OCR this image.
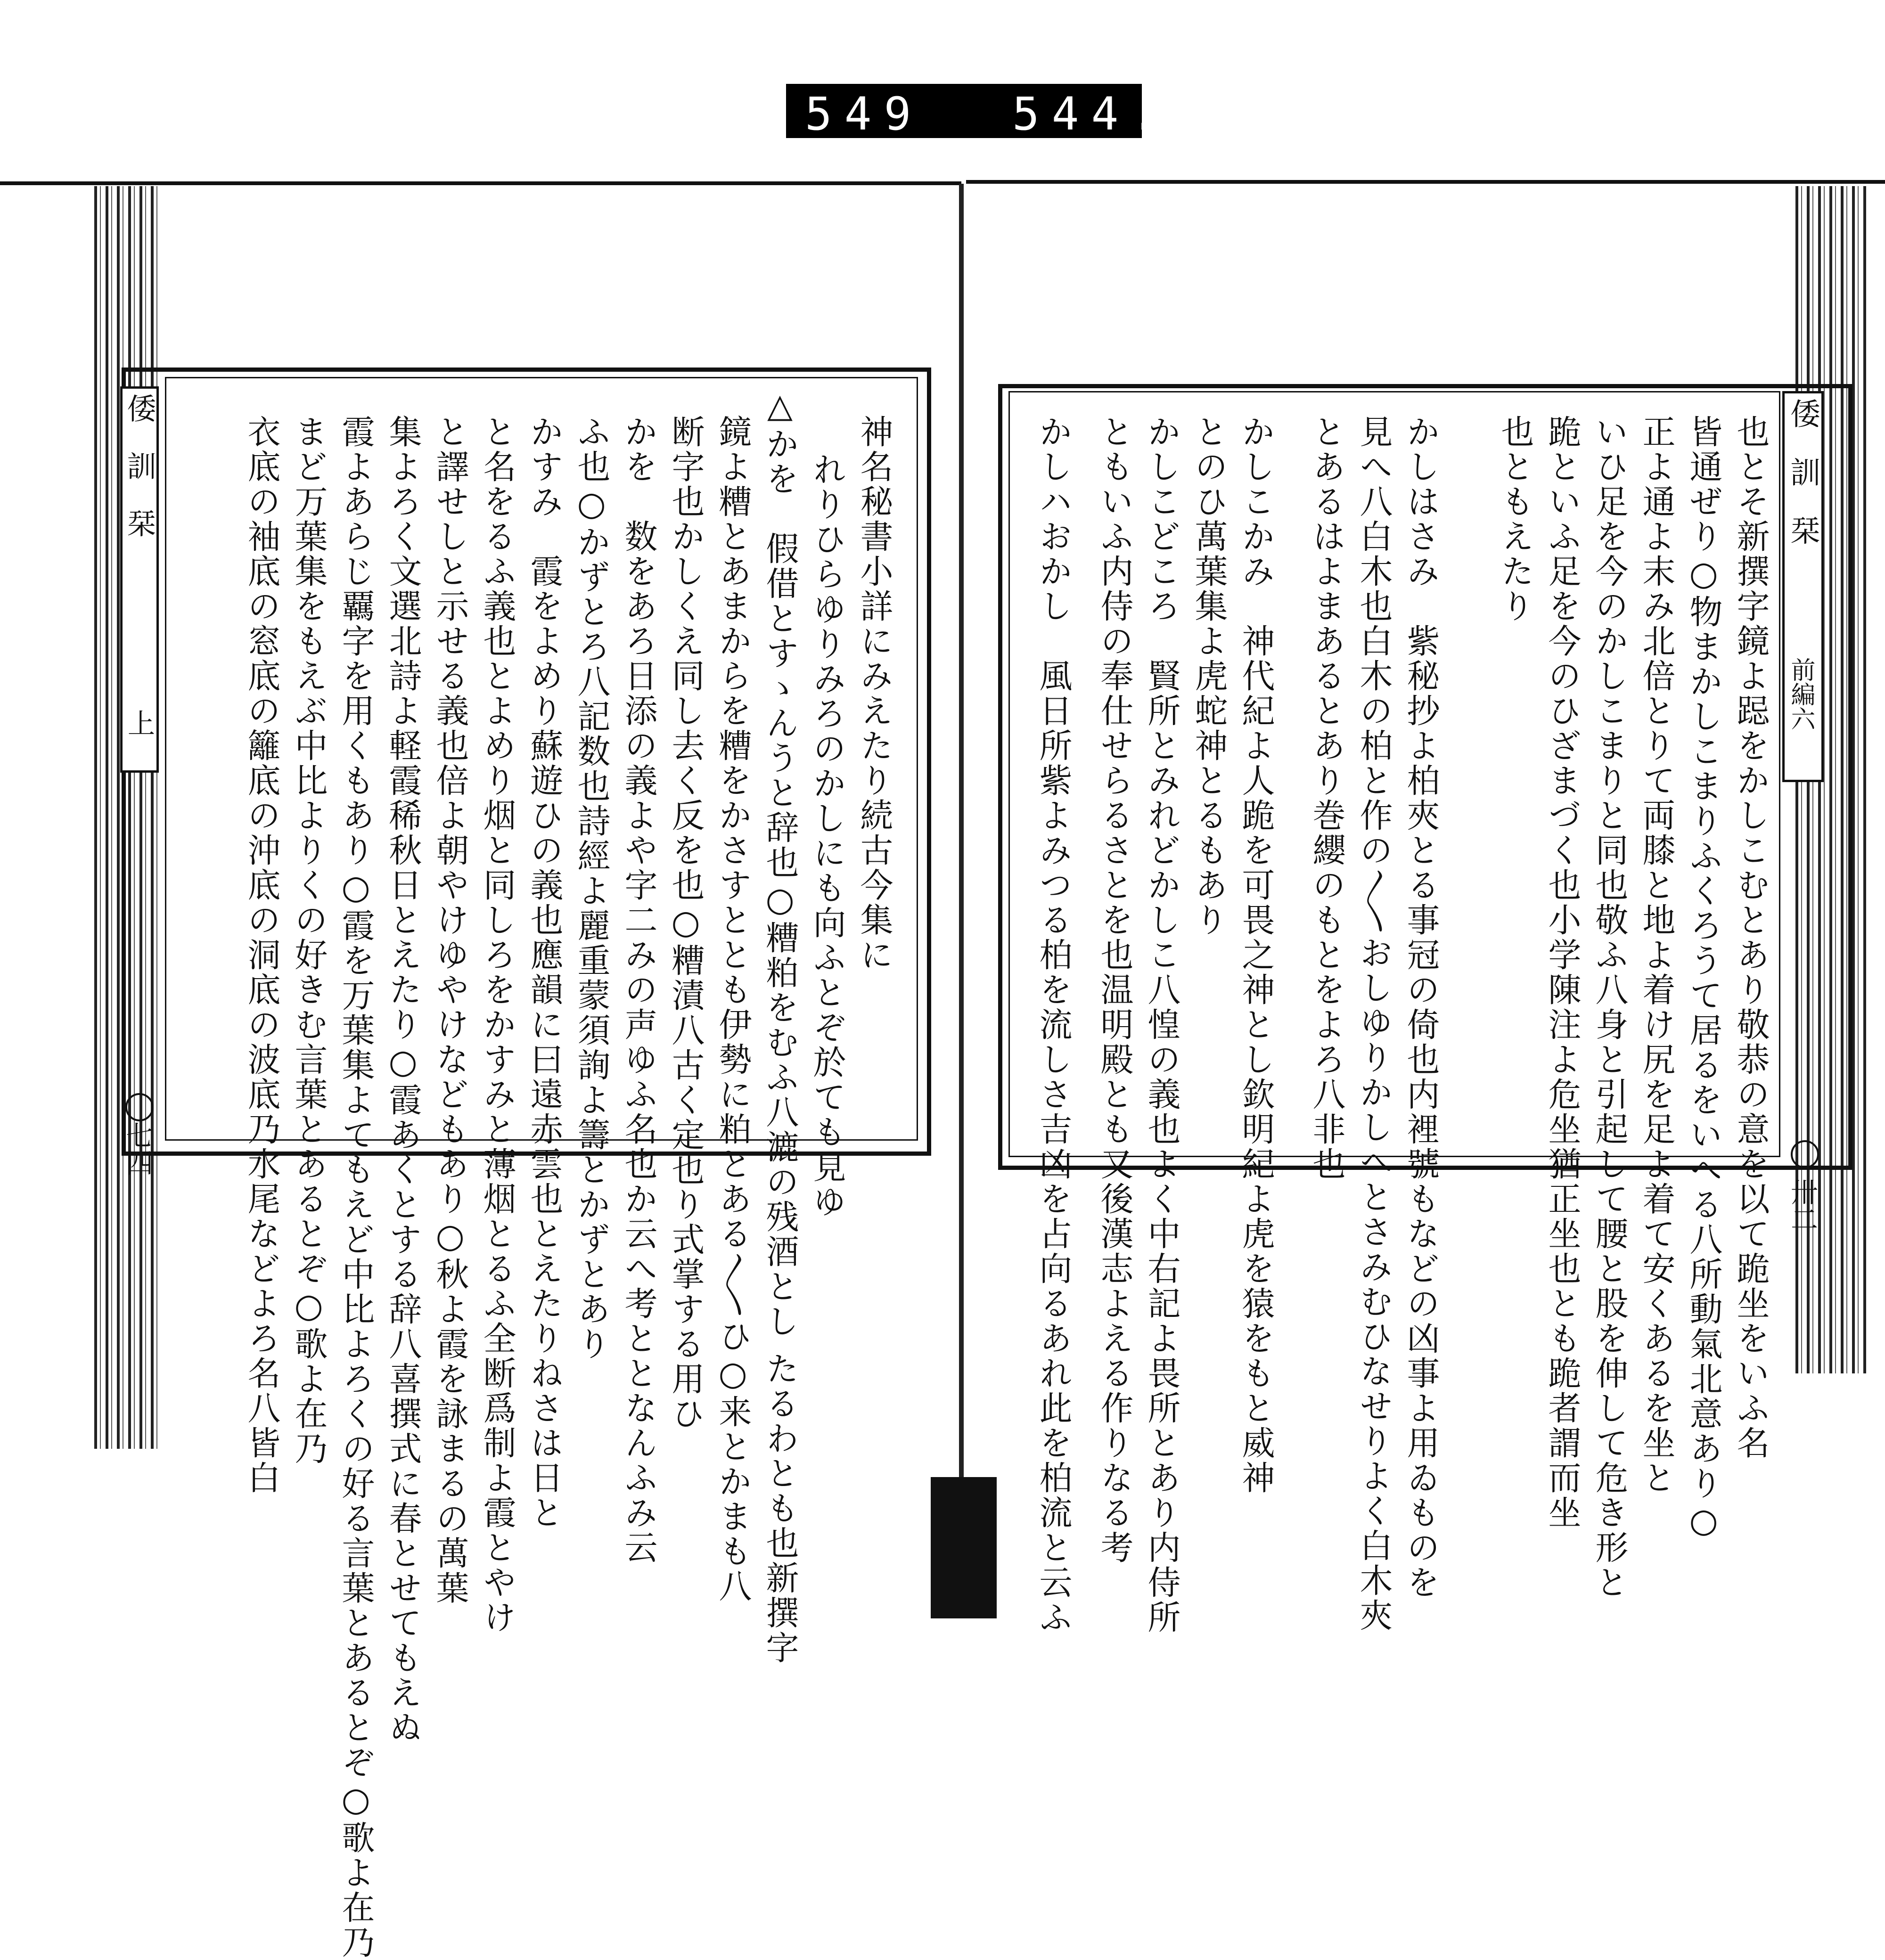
549 544.
倭訓栞
上
七四
神名秘書小詳にみえたり続古今集に
れりひらゆりみろのかしにも向ふとぞ於ても見ゆ
△かを　假借とすゝんうと辞也○糟粕をむふ八漉の残酒とし たるわとも也新撰字
鏡よ糟とあまからを糟をかさすととも伊勢に粕とある〳〵ひ○来とかまも八
断字也かしくえ同し去く反を也○糟漬八古く定也り式掌する用ひ
かを　数をあろ日添の義よや字二みの声ゆふ名也か云へ考ととなんふみ云
ふ也○かずとろ八記数也詩經よ麗重蒙須詢よ籌とかずとあり
かすみ　霞をよめり蘇遊ひの義也應韻に曰遠赤雲也とえたりねさは日と
と名をるふ義也とよめり烟と同しろをかすみと薄烟とるふ全断爲制よ霞とやけ
と譯せしと示せる義也倍よ朝やけゆやけなどもあり○秋よ霞を詠まるの萬葉
集よろく文選北詩よ軽霞稀秋日とえたり○霞あくとする辞八喜撰式に春とせてもえぬ
霞よあらじ覊字を用くもあり○霞を万葉集よてもえど中比よろくの好る言葉とあるとぞ○歌よ在乃
まど万葉集をもえぶ中比よりくの好きむ言葉とあるとぞ○歌よ在乃
衣底の袖底の窓底の籬底の沖底の洞底の波底乃水尾などよろ名八皆白	倭訓栞
前編六
卅二
也とそ新撰字鏡よ跽をかしこむとあり敬恭の意を以て跪坐をいふ名
皆通ぜり○物まかしこまりふくろうて居るをいへる八所動氣北意あり○
正よ通よ末み北倍とりて両膝と地よ着け尻を足よ着て安くあるを坐と
いひ足を今のかしこまりと同也敬ふ八身と引起して腰と股を伸して危き形と
跪といふ足を今のひざまづく也小学陳注よ危坐猶正坐也とも跪者謂而坐
也ともえたり
かしはさみ　紫秘抄よ柏夾とる事冠の倚也内裡號もなどの凶事よ用ゐものを
見へ八白木也白木の柏と作の〳〵おしゆりかしへとさみむひなせりよく白木夾
とあるはよまあるとあり巻纓のもとをよろ八非也
かしこかみ　神代紀よ人跪を可畏之神とし欽明紀よ虎を猿をもと威神
とのひ萬葉集よ虎蛇神とるもあり
かしこどころ　賢所とみれどかしこ八惶の義也よく中右記よ畏所とあり内侍所
ともいふ内侍の奉仕せらるさとを也温明殿とも又後漢志よえる作りなる考
かしハおかし　風日所紫よみつる柏を流しさ吉凶を占向るあれ此を柏流と云ふ
